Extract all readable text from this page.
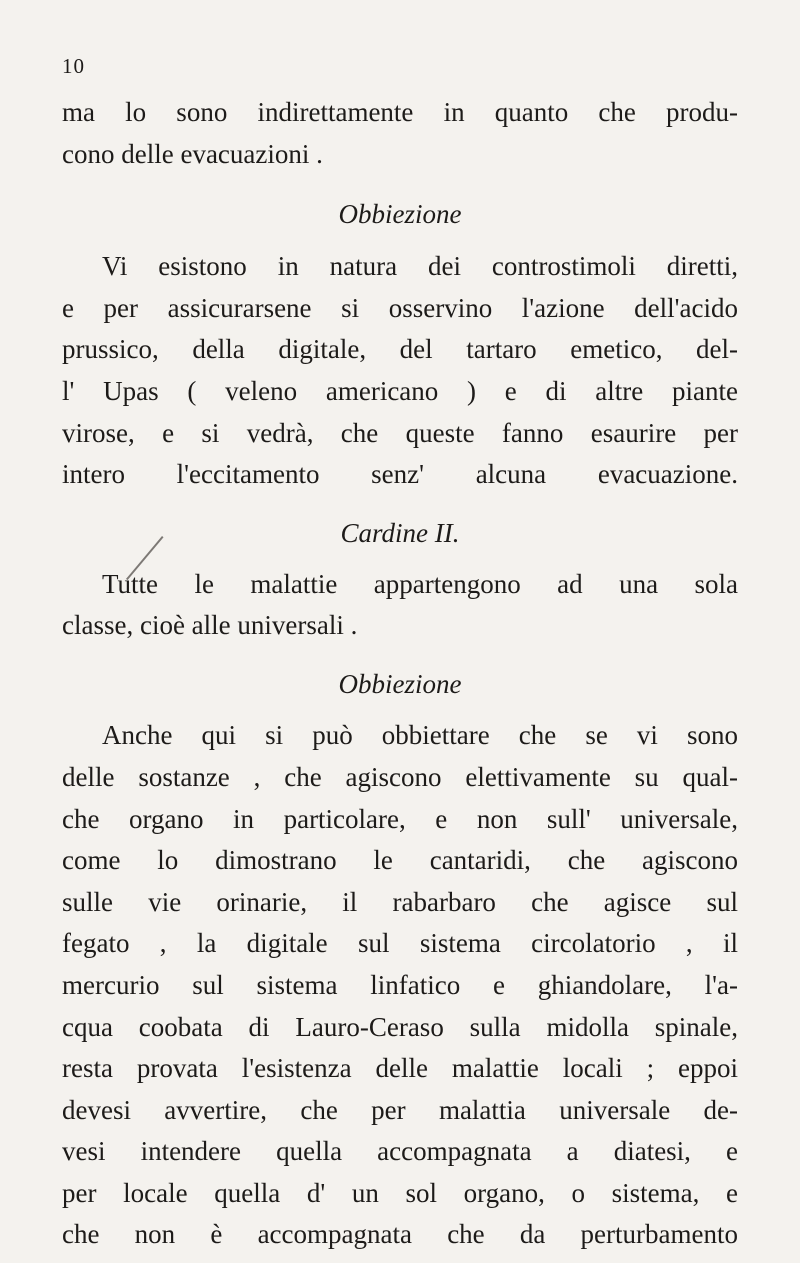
10
ma lo sono indirettamente in quanto che produ-
cono delle evacuazioni .
Obbiezione
Vi esistono in natura dei controstimoli diretti,
e per assicurarsene si osservino l'azione dell'acido
prussico, della digitale, del tartaro emetico, del-
l' Upas ( veleno americano ) e di altre piante
virose, e si vedrà, che queste fanno esaurire per
intero l'eccitamento senz' alcuna evacuazione.
Cardine II.
Tutte le malattie appartengono ad una sola
classe, cioè alle universali .
Obbiezione
Anche qui si può obbiettare che se vi sono
delle sostanze , che agiscono elettivamente su qual-
che organo in particolare, e non sull' universale,
come lo dimostrano le cantaridi, che agiscono
sulle vie orinarie, il rabarbaro che agisce sul
fegato , la digitale sul sistema circolatorio , il
mercurio sul sistema linfatico e ghiandolare, l'a-
cqua coobata di Lauro-Ceraso sulla midolla spinale,
resta provata l'esistenza delle malattie locali ; eppoi
devesi avvertire, che per malattia universale de-
vesi intendere quella accompagnata a diatesi, e
per locale quella d' un sol organo, o sistema, e
che non è accompagnata che da perturbamento
